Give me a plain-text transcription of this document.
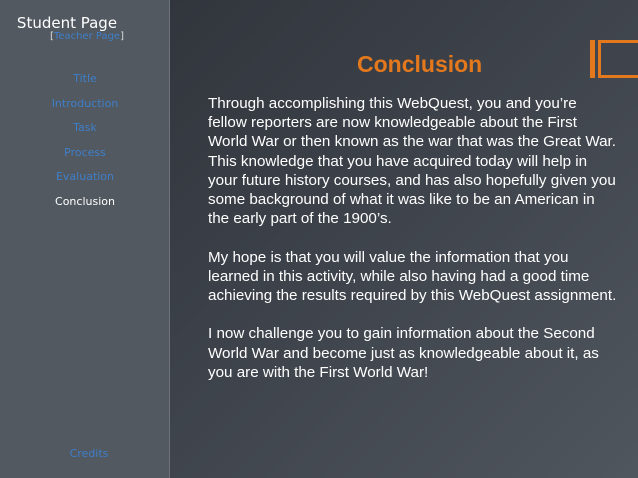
Student Page
[Teacher Page]
Title
Introduction
Task
Process
Evaluation
Conclusion
Credits
Conclusion

Through accomplishing this WebQuest, you and you’re fellow reporters are now knowledgeable about the First World War or then known as the war that was the Great War. This knowledge that you have acquired today will help in your future history courses, and has also hopefully given you some background of what it was like to be an American in the early part of the 1900’s.

My hope is that you will value the information that you learned in this activity, while also having had a good time achieving the results required by this WebQuest assignment.

I now challenge you to gain information about the Second World War and become just as knowledgeable about it, as you are with the First World War!
